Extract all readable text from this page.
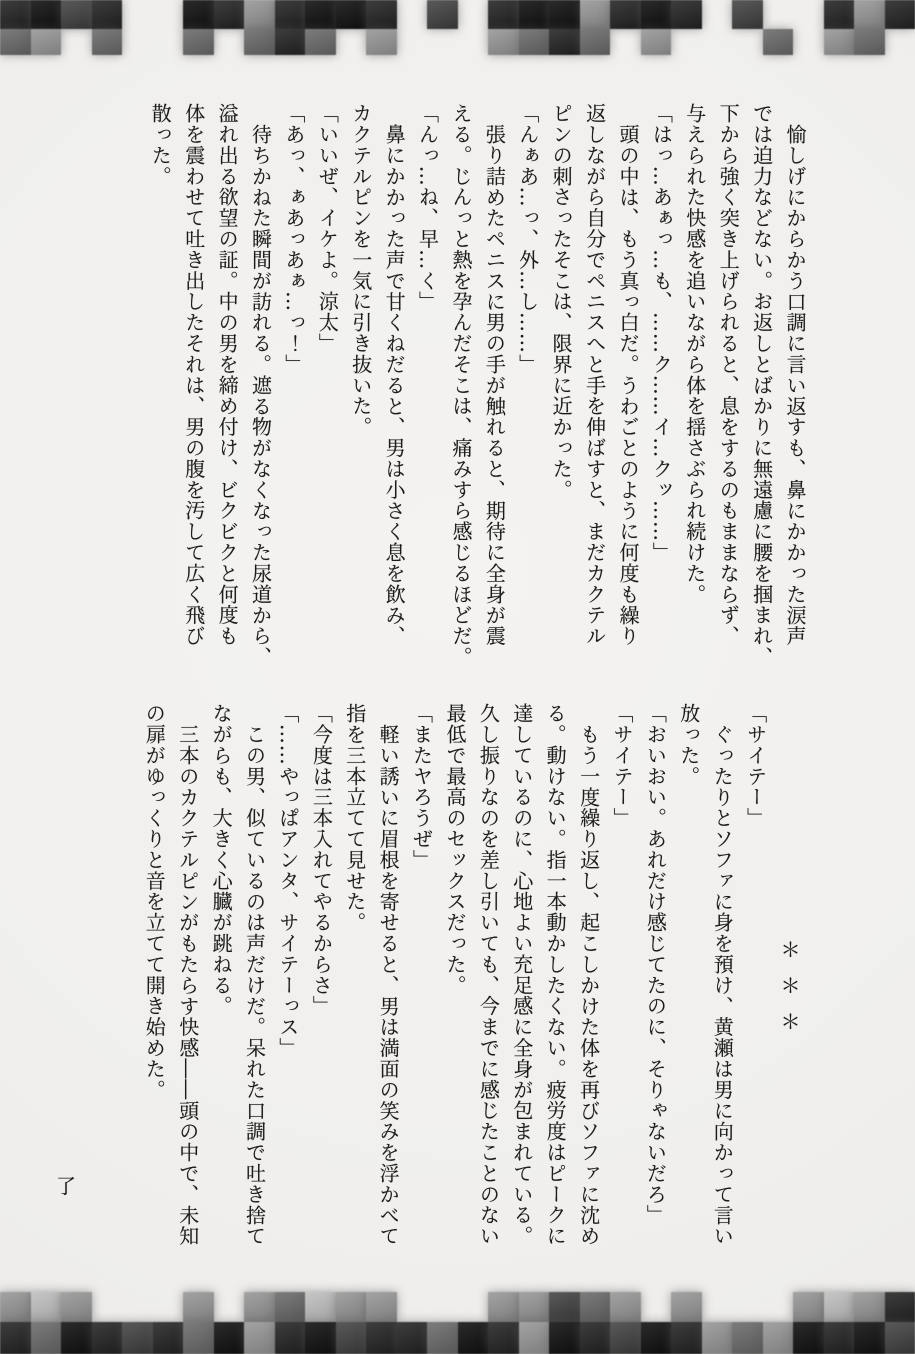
愉しげにからかう口調に言い返すも、鼻にかかった涙声
では迫力などない。お返しとばかりに無遠慮に腰を掴まれ、
下から強く突き上げられると、息をするのもままならず、
与えられた快感を追いながら体を揺さぶられ続けた。
「はっ…あぁっ…も、……ク……イ…クッ……」
頭の中は、もう真っ白だ。うわごとのように何度も繰り
返しながら自分でペニスへと手を伸ばすと、まだカクテル
ピンの刺さったそこは、限界に近かった。
「んぁあ…っ、外…し……」
張り詰めたペニスに男の手が触れると、期待に全身が震
える。じんっと熱を孕んだそこは、痛みすら感じるほどだ。
「んっ…ね、早…く」
鼻にかかった声で甘くねだると、男は小さく息を飲み、
カクテルピンを一気に引き抜いた。
「いいぜ、イケよ。涼太」
「あっ、ぁあっあぁ…っ！」
待ちかねた瞬間が訪れる。遮る物がなくなった尿道から、
溢れ出る欲望の証。中の男を締め付け、ビクビクと何度も
体を震わせて吐き出したそれは、男の腹を汚して広く飛び
散った。
＊＊＊
「サイテー」
ぐったりとソファに身を預け、黄瀬は男に向かって言い
放った。
「おいおい。あれだけ感じてたのに、そりゃないだろ」
「サイテー」
もう一度繰り返し、起こしかけた体を再びソファに沈め
る。動けない。指一本動かしたくない。疲労度はピークに
達しているのに、心地よい充足感に全身が包まれている。
久し振りなのを差し引いても、今までに感じたことのない
最低で最高のセックスだった。
「またヤろうぜ」
軽い誘いに眉根を寄せると、男は満面の笑みを浮かべて
指を三本立てて見せた。
「今度は三本入れてやるからさ」
「……やっぱアンタ、サイテーっス」
この男、似ているのは声だけだ。呆れた口調で吐き捨て
ながらも、大きく心臓が跳ねる。
三本のカクテルピンがもたらす快感――頭の中で、未知
の扉がゆっくりと音を立てて開き始めた。
了
